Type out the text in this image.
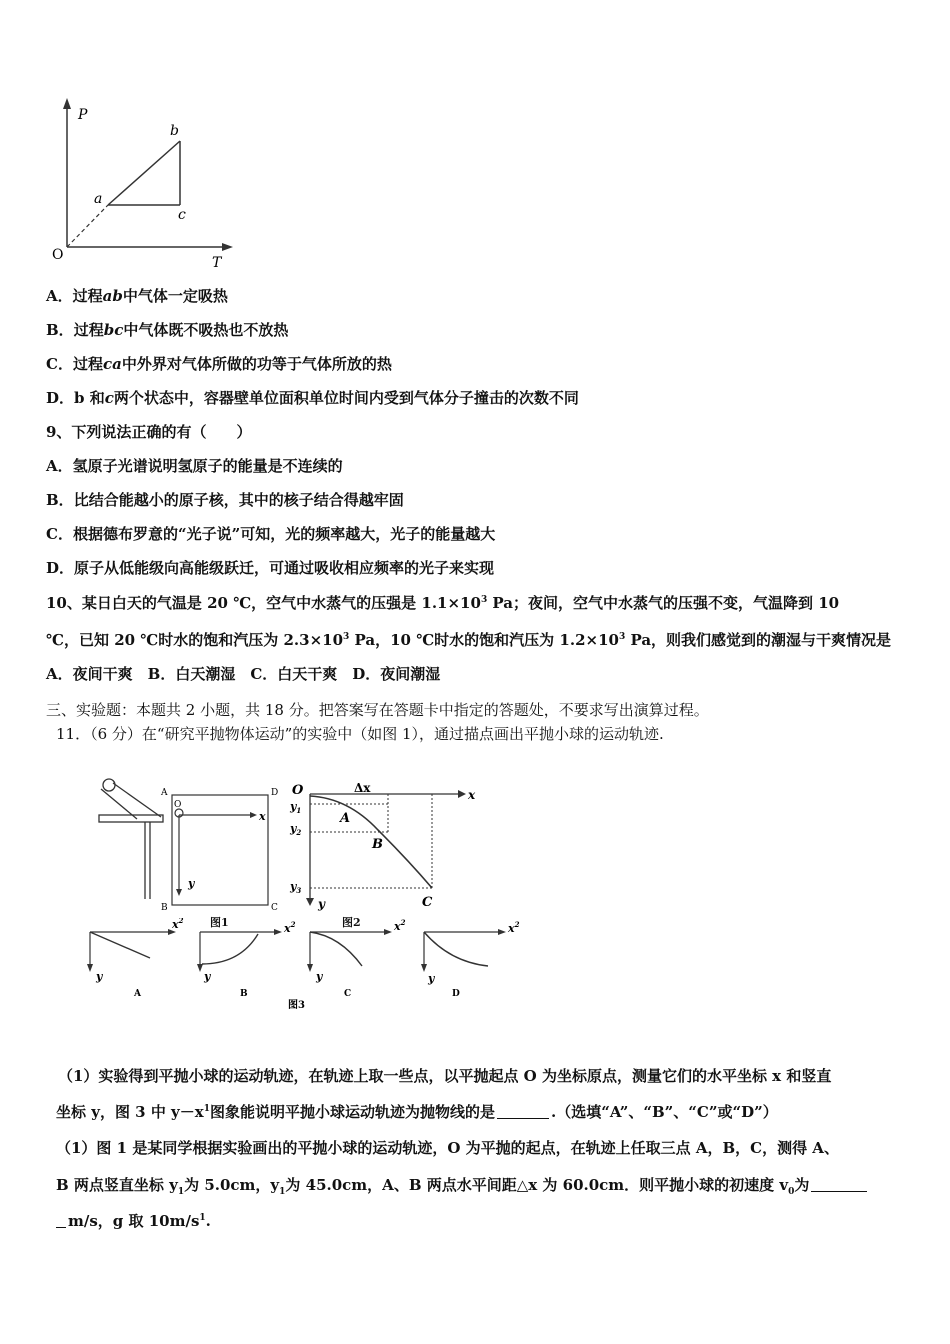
P
T
O
a
b
c
A．过程ab中气体一定吸热
B．过程bc中气体既不吸热也不放热
C．过程ca中外界对气体所做的功等于气体所放的热
D．b 和c两个状态中，容器壁单位面积单位时间内受到气体分子撞击的次数不同
9、下列说法正确的有（　　）
A．氢原子光谱说明氢原子的能量是不连续的
B．比结合能越小的原子核，其中的核子结合得越牢固
C．根据德布罗意的“光子说”可知，光的频率越大，光子的能量越大
D．原子从低能级向高能级跃迁，可通过吸收相应频率的光子来实现
10、某日白天的气温是 20 ℃，空气中水蒸气的压强是 $1.1\times 10^3$ Pa；夜间，空气中水蒸气的压强不变，气温降到 10
℃，已知 20 ℃时水的饱和汽压为 $2.3\times 10^3$ Pa，10 ℃时水的饱和汽压为 $1.2\times 10^3$ Pa，则我们感觉到的潮湿与干爽情况是
A．夜间干爽　B．白天潮湿　C．白天干爽　D．夜间潮湿
三、实验题：本题共 2 小题，共 18 分。把答案写在答题卡中指定的答题处，不要求写出演算过程。
11．（6 分）在“研究平抛物体运动”的实验中（如图 1），通过描点画出平抛小球的运动轨迹.
A
O
D
x
y
B	C
图1
O	x
y
Δx
$y_1$
$y_2$
$y_3$
A
B
C
图2
$x^2$
y
A
$x^2$
y
B
$x^2$
y
C
$x^2$
y
D
图3
（1）实验得到平抛小球的运动轨迹，在轨迹上取一些点，以平抛起点 O 为坐标原点，测量它们的水平坐标 x 和竖直
坐标 y，图 3 中 $y-x^1$图象能说明平抛小球运动轨迹为抛物线的是	.（选填“A”、“B”、“C”或“D”）
（1）图 1 是某同学根据实验画出的平抛小球的运动轨迹，O 为平抛的起点，在轨迹上任取三点 A，B，C，测得 A、
B 两点竖直坐标 $y_1$为 5.0cm，$y_1$为 45.0cm，A、B 两点水平间距△x 为 60.0cm．则平抛小球的初速度 $v_0$为
m/s，g 取 $10m/s^1$.
